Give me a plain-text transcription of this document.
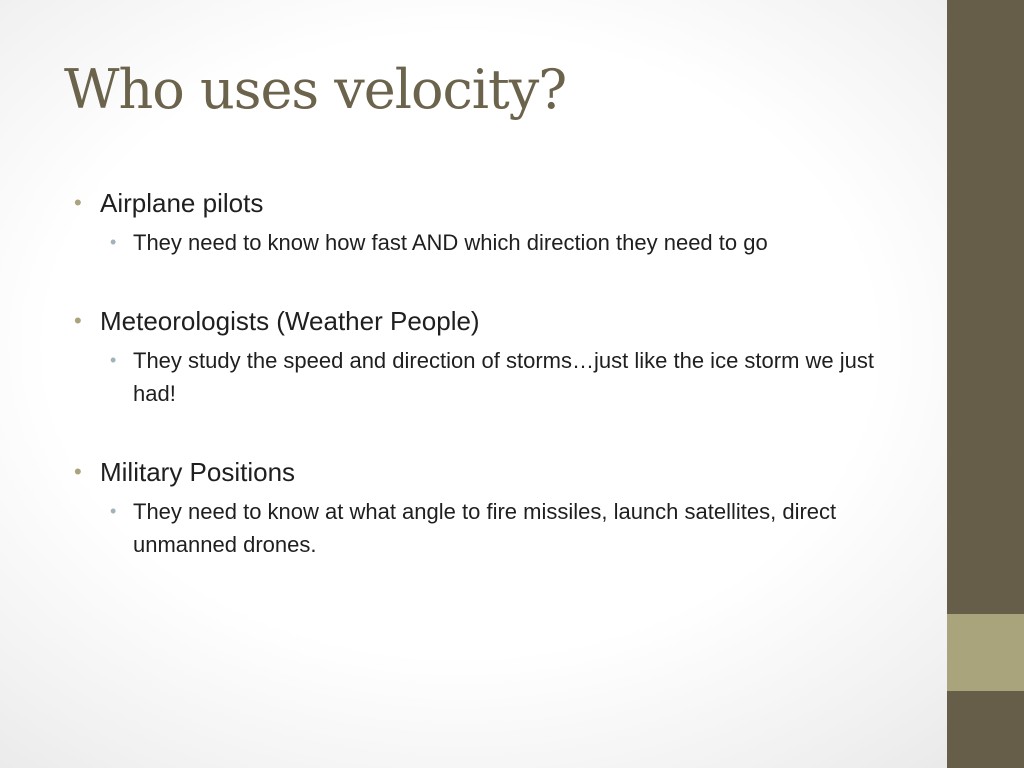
Who uses velocity?

• Airplane pilots

• They need to know how fast AND which direction they need to go

• Meteorologists (Weather People)

• They study the speed and direction of storms…just like the ice storm we just had!

• Military Positions

• They need to know at what angle to fire missiles, launch satellites, direct unmanned drones.
